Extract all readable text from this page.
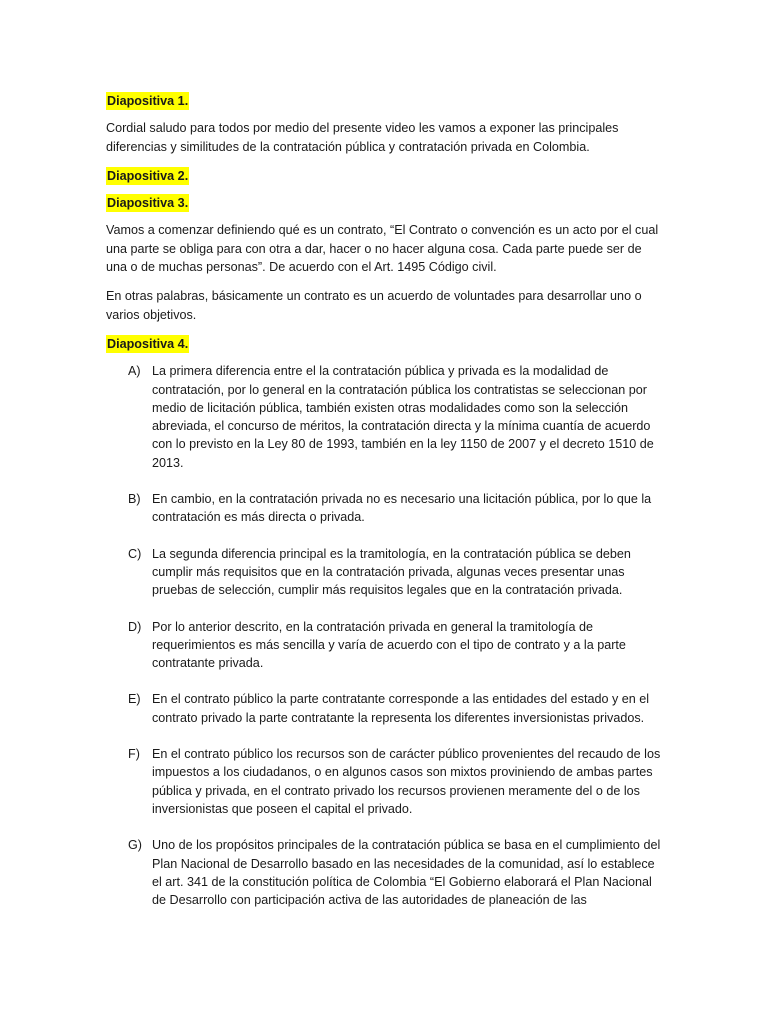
Diapositiva 1.

Cordial saludo para todos por medio del presente video les vamos a exponer las principales diferencias y similitudes de la contratación pública y contratación privada en Colombia.

Diapositiva 2.
Diapositiva 3.

Vamos a comenzar definiendo qué es un contrato, “El Contrato o convención es un acto por el cual una parte se obliga para con otra a dar, hacer o no hacer alguna cosa. Cada parte puede ser de una o de muchas personas”. De acuerdo con el Art. 1495 Código civil.

En otras palabras, básicamente un contrato es un acuerdo de voluntades para desarrollar uno o varios objetivos.

Diapositiva 4.
A) La primera diferencia entre el la contratación pública y privada es la modalidad de contratación, por lo general en la contratación pública los contratistas se seleccionan por medio de licitación pública, también existen otras modalidades como son la selección abreviada, el concurso de méritos, la contratación directa y la mínima cuantía de acuerdo con lo previsto en la Ley 80 de 1993, también en la ley 1150 de 2007 y el decreto 1510 de 2013.
B) En cambio, en la contratación privada no es necesario una licitación pública, por lo que la contratación es más directa o privada.
C) La segunda diferencia principal es la tramitología, en la contratación pública se deben cumplir más requisitos que en la contratación privada, algunas veces presentar unas pruebas de selección, cumplir más requisitos legales que en la contratación privada.
D) Por lo anterior descrito, en la contratación privada en general la tramitología de requerimientos es más sencilla y varía de acuerdo con el tipo de contrato y a la parte contratante privada.
E) En el contrato público la parte contratante corresponde a las entidades del estado y en el contrato privado la parte contratante la representa los diferentes inversionistas privados.
F) En el contrato público los recursos son de carácter público provenientes del recaudo de los impuestos a los ciudadanos, o en algunos casos son mixtos proviniendo de ambas partes pública y privada, en el contrato privado los recursos provienen meramente del o de los inversionistas que poseen el capital el privado.
G) Uno de los propósitos principales de la contratación pública se basa en el cumplimiento del Plan Nacional de Desarrollo basado en las necesidades de la comunidad, así lo establece el art. 341 de la constitución política de Colombia “El Gobierno elaborará el Plan Nacional de Desarrollo con participación activa de las autoridades de planeación de las
